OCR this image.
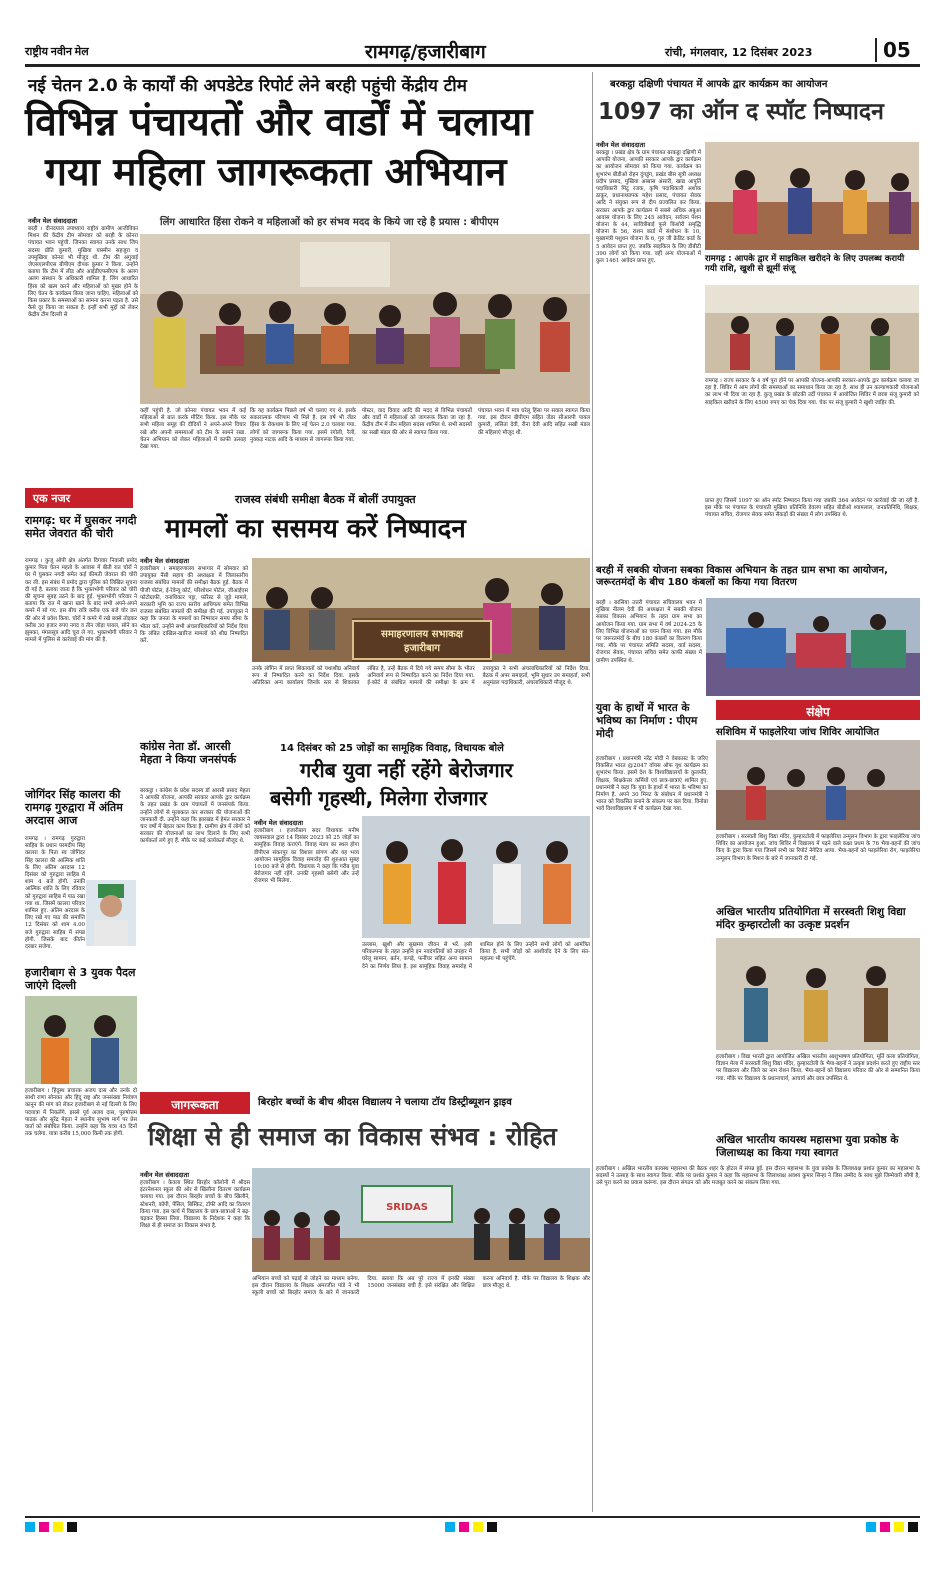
राष्ट्रीय नवीन मेल	रामगढ़/हजारीबाग	रांची, मंगलवार, 12 दिसंबर 2023	05
नई चेतन 2.0 के कार्यों की अपडेटेड रिपोर्ट लेने बरही पहुंची केंद्रीय टीम
विभिन्न पंचायतों और वार्डों में चलाया
गया महिला जागरूकता अभियान
लिंग आधारित हिंसा रोकने व महिलाओं को हर संभव मदद के किये जा रहे है प्रयास : बीपीएम
नवीन मेल संवाददाता
बरही । दीनदयाल उपाध्याय राष्ट्रीय ग्रामीण आजीविका मिशन की केंद्रीय टीम सोमवार को बरही के कोनरा पंचायत भवन पहुंची. जिनका स्वागत उनके साथ जिप सदस्य प्रीति कुमारी, मुखिया यास्मीन सहजुरा व उपमुखिया कोनरा भी मौजूद थी. टीम की अगुवाई जेएसएलपीएस बीपीएम दीपक कुमार ने किया. उन्होंने बताया कि टीम में लीड और आईडीएफसीएफ के अलग अलग संस्थान के अधिकारी शामिल है. लिंग आधारित हिंसा को खत्म करने और महिलाओं को मुखर होने के लिए चेतन के कार्यक्रम किया जाना चाहिए. महिलाओं को किस प्रकार के समस्याओं का सामना करना पड़ता है. उसे कैसे दूर किया जा सकता है. इन्हीं सभी मुद्दों को लेकर केंद्रीय टीम दिल्ली से
कहीं पहुंची है. जो कोनरा पंचायत भवन में कई महिलाओं से बात करके मीटिंग किया. इस मौके पर सभी महिला समूह की दीदियों ने अपने-अपने विचार रखे और अपनी समस्याओं को टीम के सामने रखा. चेतन अभियान को लेकर महिलाओं में काफी उत्साह देखा गया.
कि यह कार्यक्रम पिछले वर्ष भी चलाए गए थे. इसके सकारात्मक परिणाम भी मिले है. इस वर्ष भी जेंडर हिंसा के रोकथाम के लिए नई चेतन 2.0 चलाया गया. लोगों को जागरूक किया गया. इसमें रंगोली, रैली, नुक्कड़ नाटक आदि के माध्यम से जागरूक किया गया.
पोस्टर, वाद विवाद आदि की मदद से विभिन्न पंचायतों और वार्डों में महिलाओं को जागरूक किया जा रहा है. केंद्रीय टीम में तीन महिला सदस्य शामिल थे. सभी सदस्यों का सखी मंडल की ओर से स्वागत किया गया.
पंचायत भवन में मात्र घरेलू हिंसा पर सवाल स्वागत किया गया. इस दौरान बीपीएम सहित जेंडर सीआरपी पायल कुमारी, ललिता देवी, रीना देवी आदि सहित सखी मंडल की महिलाएं मौजूद थी.
बरकट्ठा दक्षिणी पंचायत में आपके द्वार कार्यक्रम का आयोजन
1097 का ऑन द स्पॉट निष्पादन
नवीन मेल संवाददाता
बरकट्ठा । प्रखंड क्षेत्र के ग्राम पंचायत बरकट्ठा दक्षिणी में आपकी योजना, आपकी सरकार आपके द्वार कार्यक्रम का आयोजन सोमवार को किया गया. कार्यक्रम का शुभारंभ बीडीओ रोहन दुंगडुंग, प्रखंड बीस सूत्री अध्यक्ष प्रदीप प्रसाद, मुखिया अब्बास अंसारी, खाद्य आपूर्ति पदाधिकारी मिंटू रजक, कृषि पदाधिकारी अशोक ठाकुर, प्रधानाध्यापक महेश प्रसाद, पंचायत सेवक आदि ने संयुक्त रूप से दीप प्रज्वलित कर किया. सरकार आपके द्वार कार्यक्रम में सबसे अधिक अबुआ आवास योजना के लिए 245 आवेदन, सर्वजन पेंशन योजना के 44, सावित्रीबाई फुले किशोरी समृद्धि योजना के 56, राशन कार्ड में संशोधन के 10, मुख्यमंत्री पशुधन योजना के 6, गुरु जी क्रेडिट कार्ड के 5 आवेदन प्राप्त हुए. जबकि साइकिल के लिए डीबीटी 390 लोगों को किया गया. वहीं अन्य योजनाओं में कुल 1461 आवेदन प्राप्त हुए.	रामगढ़ : आपके द्वार में साइकिल खरीदने के लिए उपलब्ध करायी गयी राशि, खुशी से झूमीं संजू
रामगढ़ । राज्य सरकार के 4 वर्ष पूरा होने पर आपकी योजना-आपकी सरकार-आपके द्वार कार्यक्रम चलाया जा रहा है. शिविर में आम लोगों की समस्याओं का समाधान किया जा रहा है. साथ ही उन कल्याणकारी योजनाओं का लाभ भी दिया जा रहा है. कुजू प्रखंड के छोटकी उर्दी पंचायत में आयोजित शिविर में छात्रा संजू कुमारी को साइकिल खरीदने के लिए 4500 रुपए का चेक दिया गया. चेक पर संजू कुमारी ने खुशी जाहिर की.
प्राप्त हुए जिसमें 1097 का ऑन स्पॉट निष्पादन किया गया जबकी 364 आवेदन पर कार्रवाई की जा रही है. इस मौके पर पंचायत के पंचायती मुखिया प्रतिनिधि डेवलप सहित बीडीओ श्यामलाल, जनप्रतिनिधि, शिक्षक, पंचायत सचिव, रोजगार सेवक समेत सैकड़ों की संख्या में लोग उपस्थित थे.
बरही में सबकी योजना सबका विकास अभियान के तहत ग्राम सभा का आयोजन, जरूरतमंदों के बीच 180 कंबलों का किया गया वितरण
बरही । बरसिया उत्तरी पंचायत सचिवालय भवन में मुखिया नीलम देवी की अध्यक्षता में सबकी योजना सबका विकास अभियान के तहत ग्राम सभा का आयोजन किया गया. ग्राम सभा में वर्ष 2024-25 के लिए विभिन्न योजनाओं का चयन किया गया. इस मौके पर जरूरतमंदों के बीच 180 कंबलों का वितरण किया गया. मौके पर पंचायत समिति सदस्य, वार्ड सदस्य, रोजगार सेवक, पंचायत सचिव समेत काफी संख्या में ग्रामीण उपस्थित थे.
राजस्व संबंधी समीक्षा बैठक में बोलीं उपायुक्त
मामलों का ससमय करें निष्पादन
नवीन मेल संवाददाता
हजारीबाग । समाहरणालय सभागार में सोमवार को उपायुक्त नैंसी सहाय की अध्यक्षता में जिलास्तरीय राजस्व संबंधित मामलों की समीक्षा बैठक हुई. बैठक में पीजी पोर्टल, ई-रेवेन्यू कोर्ट, परिशोधन पोर्टल, जीआईएस फोटोग्राफी, वनाधिकार पट्टा, फॉरेस्ट से जुड़े मामले, सरकारी भूमि का राज्य स्तरीय आधिपत्य समेत विभिन्न राजस्व संबंधित मामलों की समीक्षा की गई. उपायुक्त ने कहा कि जनता के मामलों का निष्पादन समय सीमा के भीतर करें. उन्होंने सभी अंचलाधिकारियों को निर्देश दिया कि लंबित दाखिल-खारिज मामलों को शीघ्र निष्पादित करें.
समाहरणालय सभाकक्ष
हजारीबाग
उनके लॉगिन में प्राप्त शिकायतों को यथाशीघ्र अनिवार्य रूप से निष्पादित करने का निर्देश दिया. इसके अतिरिक्त अन्य कार्यालय जिनके स्तर से शिकायत लंबित है, उन्हें बैठक में दिये गये समय सीमा के भीतर अनिवार्य रूप से निष्पादित करने का निर्देश दिया गया. ई-कोर्ट से संबंधित मामलों की समीक्षा के क्रम में उपायुक्त ने सभी अंचलाधिकारियों को निर्देश दिया. बैठक में अपर समाहर्ता, भूमि सुधार उप समाहर्ता, सभी अनुमंडल पदाधिकारी, अंचलाधिकारी मौजूद थे.
एक नजर
रामगढ़: घर में घुसकर नगदी समेत जेवरात की चोरी
रामगढ़ । कुजू ओपी क्षेत्र अंतर्गत दिगवार निवासी प्रमोद कुमार पिता चेतन महतो के आवास में बीती रात चोरों ने घर में घुसकर नगदी समेत कई कीमती जेवरात की चोरी कर ली. इस संबंध में प्रमोद द्वारा पुलिस को लिखित सूचना दी गई है. बताया जाता है कि भुक्तभोगी परिवार को चोरी की सूचना सुबह उठने के बाद हुई. भुक्तभोगी परिवार ने बताया कि रात में खाना खाने के बाद सभी अपने-अपने कमरे में सो गए. इस बीच रात्रि करीब एक बजे चोर छत की ओर से प्रवेश किया. चोरों ने कमरे में रखे बक्से तोड़कर करीब 30 हजार रुपए नगद व तीन जोड़ा पायल, सोने का झुमका, मंगलसूत्र आदि चुरा ले गए. भुक्तभोगी परिवार ने मामले में पुलिस से कार्रवाई की मांग की है.
जोगिंदर सिंह कालरा की रामगढ़ गुरुद्वारा में अंतिम अरदास आज
रामगढ़ । रामगढ़ गुरुद्वारा साहिब के प्रधान परमदीप सिंह कालरा के पिता स्व जोगिंदर सिंह कालरा की आत्मिक शांति के लिए अंतिम अरदास 12 दिसंबर को गुरुद्वारा साहिब में शाम 4 बजे होगी. उनकी आत्मिक शांति के लिए रविवार को गुरुद्वारा साहिब में पाठ रखा गया था. जिसमें कालरा परिवार शामिल हुए. अंतिम अरदास के लिए रखे गए पाठ की समाप्ति 12 दिसंबर को शाम 4.00 बजे गुरुद्वारा साहिब में संपन्न होगी. जिसके बाद कीर्तन दरबार सजेगा.
हजारीबाग से 3 युवक पैदल जाएंगे दिल्ली
हजारीबाग । हिंदुस्थ प्रचारक अजय दास और उनके दो साथी राणा सोनकर और हिंदू राष्ट्र और जनसंख्या नियंत्रण कानून की मांग को लेकर हजारीबाग से नई दिल्ली के लिए पदयात्रा में निकलेंगे. इससे पूर्व अजय दास, पुरुषोत्तम पाठक और सुरेंद्र मेहता ने स्थानीय सुभाष मार्ग पर प्रेस वार्ता को संबोधित किया. उन्होंने कहा कि यात्रा 45 दिनों तक चलेगा. यात्रा करीब 15,000 किमी तक होगी.
कांग्रेस नेता डॉ. आरसी मेहता ने किया जनसंपर्क
बरकट्ठा । कांग्रेस के प्रदेश सदस्य डॉ आरसी प्रसाद मेहता ने आपकी योजना, आपकी सरकार आपके द्वार कार्यक्रम के तहत प्रखंड के ग्राम पंचायतों में जनसंपर्क किया. उन्होंने लोगों से मुलाकात कर सरकार की योजनाओं की जानकारी दी. उन्होंने कहा कि झारखंड में हेमंत सरकार ने चार वर्षों में बेहतर काम किया है. ग्रामीण क्षेत्र में लोगों को सरकार की योजनाओं का लाभ दिलाने के लिए सभी कार्यकर्ता लगे हुए हैं. मौके पर कई कार्यकर्ता मौजूद थे.
14 दिसंबर को 25 जोड़ों का सामूहिक विवाह, विधायक बोले
गरीब युवा नहीं रहेंगे बेरोजगार
बसेगी गृहस्थी, मिलेगा रोजगार
नवीन मेल संवाददाता
हजारीबाग । हजारीबाग सदर विधायक मनीष जायसवाल द्वारा 14 दिसंबर 2023 को 25 जोड़ों का सामूहिक विवाह कराएंगे. विवाह मंडप का स्थल होगा डीपीएस संकरपुर का विशाल प्रांगण और यह भव्य आयोजन सामूहिक विवाह समारोह की शुरुआत सुबह 10:00 बजे से होगी. विधायक ने कहा कि गरीब युवा बेरोजगार नहीं रहेंगे. उनकी गृहस्थी बसेगी और उन्हें रोजगार भी मिलेगा.
उल्लास, खुशी और सुखमय जीवन से भरें. इसी परिकल्पना के तहत उन्होंने इन नवदंपतियों को उपहार में घरेलू सामान, बर्तन, कपड़े, फर्नीचर सहित अन्य सामान देने का निर्णय लिया है. इस सामूहिक विवाह समारोह में शामिल होने के लिए उन्होंने सभी लोगों को आमंत्रित किया है. सभी जोड़ों को आशीर्वाद देने के लिए संत-महात्मा भी पहुंचेंगे.
युवा के हाथों में भारत के भविष्य का निर्माण : पीएम मोदी
हजारीबाग । प्रधानमंत्री नरेंद्र मोदी ने वेबकास्ट के जरिए विकसित भारत @2047 वॉयस ऑफ यूथ कार्यक्रम का शुभारंभ किया. इसमें देश के विश्वविद्यालयों के कुलपति, शिक्षक, शिक्षकेत्तर कर्मियों एवं छात्र-छात्राएं शामिल हुए. प्रधानमंत्री ने कहा कि युवा के हाथों में भारत के भविष्य का निर्माण है. अपने 30 मिनट के संबोधन में प्रधानमंत्री ने भारत को विकसित बनाने के संकल्प पर बल दिया. विनोबा भावे विश्वविद्यालय में भी कार्यक्रम देखा गया.
संक्षेप
सशिविम में फाइलेरिया जांच शिविर आयोजित
हजारीबाग । सरस्वती शिशु विद्या मंदिर, कुम्हारटोली में फाइलेरिया उन्मूलन विभाग के द्वारा फाइलेरिया जांच शिविर का आयोजन हुआ. जांच शिविर में विद्यालय में पढ़ने वाले कक्षा प्रथम के 76 भैया-बहनों की जांच किए के द्वारा किया गया जिसमें सभी का रिपोर्ट नेगेटिव आया. भैया-बहनों को फाइलेरिया रोग, फाइलेरिया उन्मूलन विभाग के मिशन के बारे में जानकारी दी गई.
अखिल भारतीय प्रतियोगिता में सरस्वती शिशु विद्या मंदिर कुम्हारटोली का उत्कृष्ट प्रदर्शन
हजारीबाग । विद्या भारती द्वारा आयोजित अखिल भारतीय आशुभाषण प्रतियोगिता, मूर्ति कला प्रतियोगिता, विज्ञान मेला में सरस्वती शिशु विद्या मंदिर, कुम्हारटोली के भैया-बहनों ने उत्कृष्ट प्रदर्शन करते हुए राष्ट्रीय स्तर पर विद्यालय और जिले का नाम रोशन किया. भैया-बहनों को विद्यालय परिवार की ओर से सम्मानित किया गया. मौके पर विद्यालय के प्रधानाचार्य, आचार्य और छात्र उपस्थित थे.
अखिल भारतीय कायस्थ महासभा युवा प्रकोष्ठ के जिलाध्यक्ष का किया गया स्वागत
हजारीबाग । अखिल भारतीय कायस्थ महासभा की बैठक शहर के होटल में संपन्न हुई. इस दौरान महासभा के युवा प्रकोष्ठ के जिलाध्यक्ष प्रशांत कुमार का महासभा के सदस्यों ने उत्साह के साथ स्वागत किया. मौके पर प्रशांत कुमार ने कहा कि महासभा के जिलाध्यक्ष अवश्य कुमार सिन्हा ने जिस उम्मीद के साथ मुझे जिम्मेवारी सौंपी है, उसे पूरा करने का प्रयास करूंगा. इस दौरान संगठन को और मजबूत करने का संकल्प लिया गया.
जागरूकता	बिरहोर बच्चों के बीच श्रीदस विद्यालय ने चलाया टॉय डिस्ट्रीब्यूशन ड्राइव
शिक्षा से ही समाज का विकास संभव : रोहित
नवीन मेल संवाददाता
हजारीबाग । केवला स्थित बिरहोर कॉलोनी में श्रीदस इंटरनेशनल स्कूल की ओर से खिलौना वितरण कार्यक्रम चलाया गया. इस दौरान बिरहोर बच्चों के बीच खिलौने, स्टेशनरी, कॉपी, पेंसिल, बिस्किट, टॉफी आदि का वितरण किया गया. इस कार्य में विद्यालय के छात्र-छात्राओं ने बढ़-चढ़कर हिस्सा लिया. विद्यालय के निदेशक ने कहा कि शिक्षा से ही समाज का विकास संभव है.
SRIDAS
अभियान बच्चों को पढ़ाई से जोड़ने का माध्यम बनेगा. इस दौरान विद्यालय के शिक्षक अमरजीत पांडे ने भी स्कूली बच्चों को बिरहोर समाज के बारे में जानकारी दिया. बताया कि अब पूरे राज्य में इनकी संख्या 15000 जनसंख्या बची है. इसे संरक्षित और शिक्षित करना अनिवार्य है. मौके पर विद्यालय के शिक्षक और छात्र मौजूद थे.
